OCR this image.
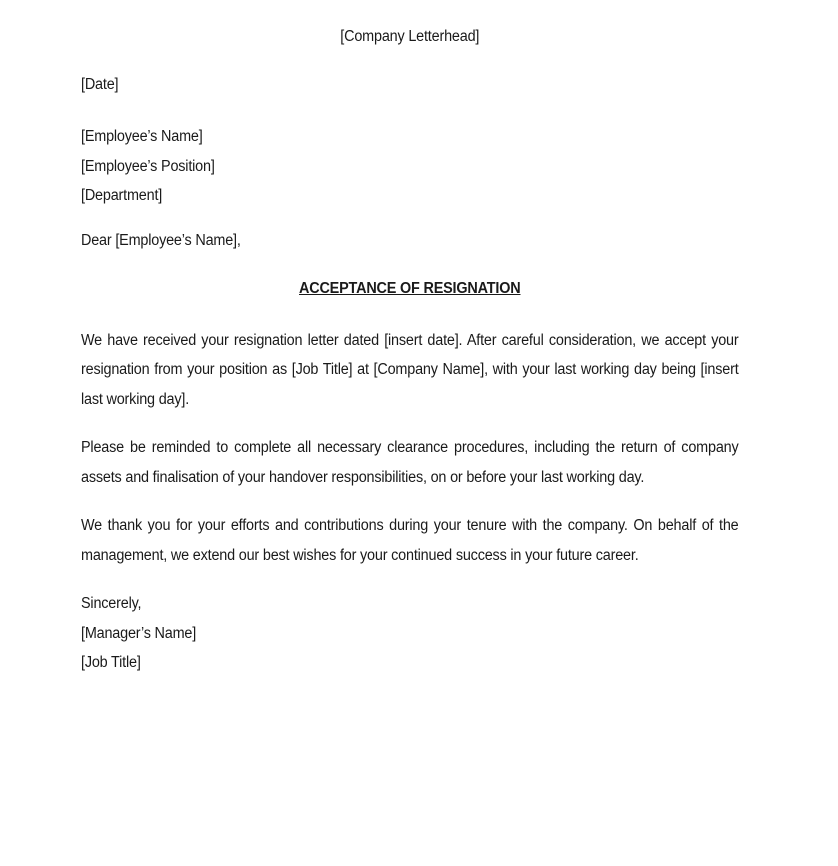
[Company Letterhead]

[Date]

[Employee’s Name]

[Employee’s Position]

[Department]

Dear [Employee’s Name],

ACCEPTANCE OF RESIGNATION

We have received your resignation letter dated [insert date]. After careful consideration, we accept your resignation from your position as [Job Title] at [Company Name], with your last working day being [insert last working day].

Please be reminded to complete all necessary clearance procedures, including the return of company assets and finalisation of your handover responsibilities, on or before your last working day.

We thank you for your efforts and contributions during your tenure with the company. On behalf of the management, we extend our best wishes for your continued success in your future career.

Sincerely,

[Manager’s Name]

[Job Title]
